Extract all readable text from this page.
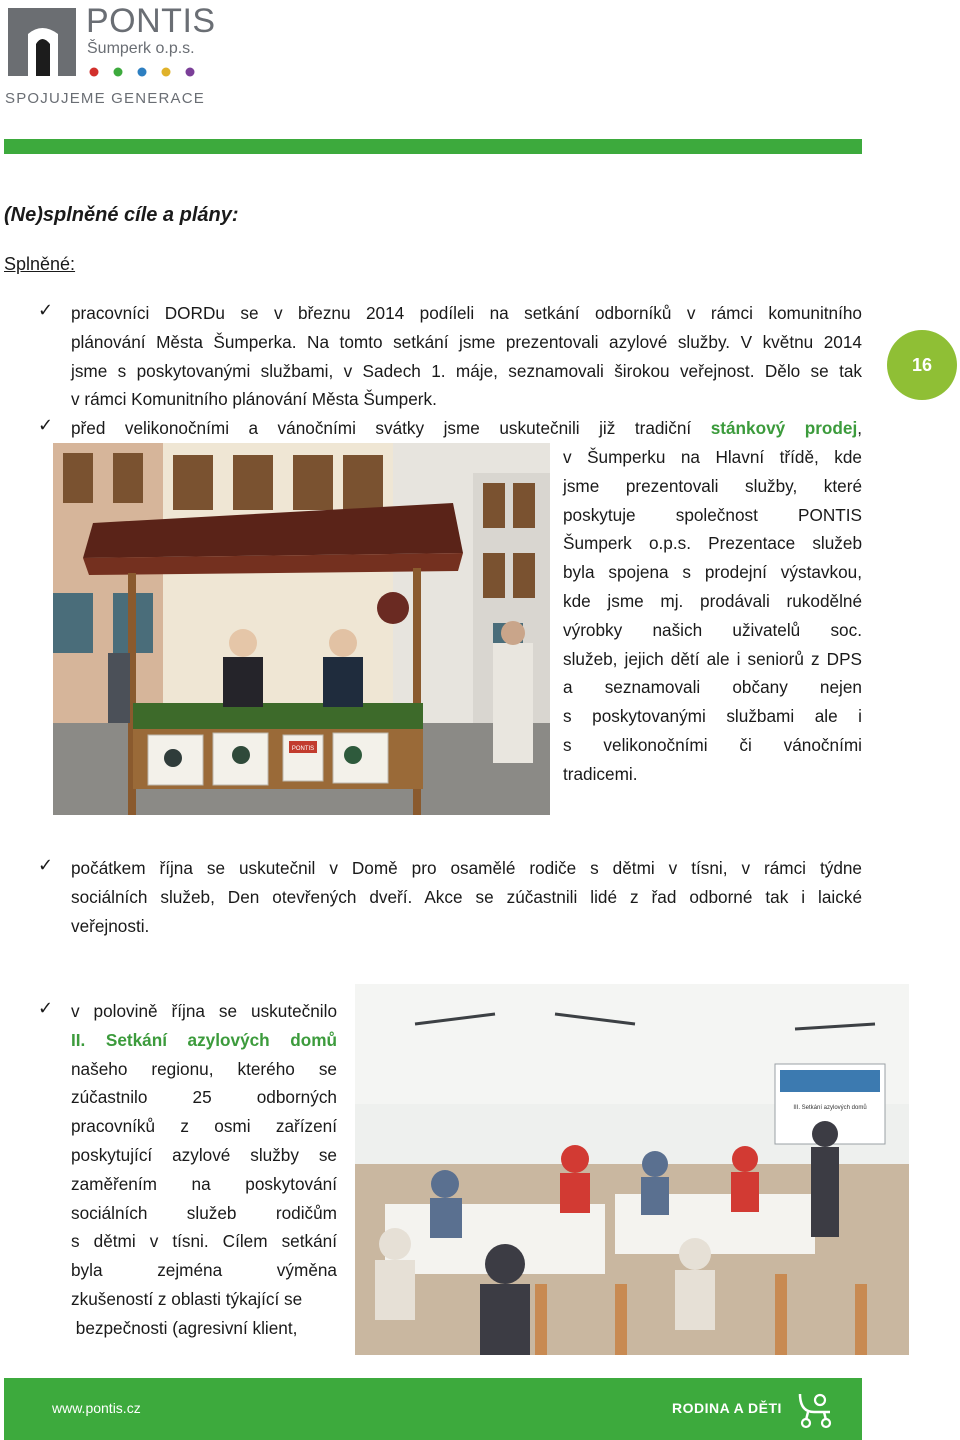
PONTIS
Šumperk o.p.s.
SPOJUJEME GENERACE
(Ne)splněné cíle a plány:
Splněné:
16
✓ pracovníci DORDu se v březnu 2014 podíleli na setkání odborníků v rámci komunitního
plánování Města Šumperka. Na tomto setkání jsme prezentovali azylové služby. V květnu 2014
jsme s poskytovanými službami, v Sadech 1. máje, seznamovali širokou veřejnost. Dělo se tak
v rámci Komunitního plánování Města Šumperk.
✓ před velikonočními a vánočními svátky jsme uskutečnili již tradiční stánkový prodej,
PONTIS
v Šumperku na Hlavní třídě, kde
jsme prezentovali služby, které
poskytuje společnost PONTIS
Šumperk o.p.s. Prezentace služeb
byla spojena s prodejní výstavkou,
kde jsme mj. prodávali rukodělné
výrobky našich uživatelů soc.
služeb, jejich dětí ale i seniorů z DPS
a seznamovali občany nejen
s poskytovanými službami ale i
s velikonočními či vánočními
tradicemi.
✓ počátkem října se uskutečnil v Domě pro osamělé rodiče s dětmi v tísni, v rámci týdne
sociálních služeb, Den otevřených dveří. Akce se zúčastnili lidé z řad odborné tak i laické
veřejnosti.
✓ v polovině října se uskutečnilo
II. Setkání azylových domů
našeho regionu, kterého se
zúčastnilo 25 odborných
pracovníků z osmi zařízení
poskytující azylové služby se
zaměřením na poskytování
sociálních služeb rodičům
s dětmi v tísni. Cílem setkání
byla zejména výměna
zkušeností z oblasti týkající se
bezpečnosti (agresivní klient,
III. Setkání azylových domů
www.pontis.cz	RODINA A DĚTI
